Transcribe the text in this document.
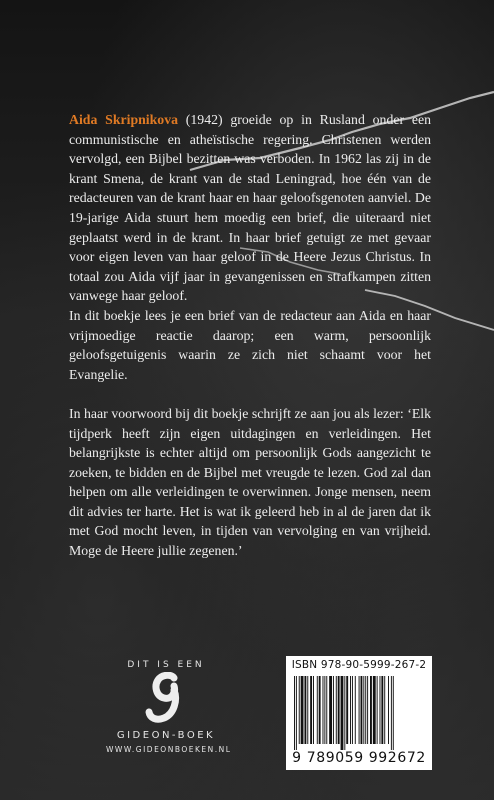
Aida Skripnikova (1942) groeide op in Rusland onder een communistische en atheïstische regering. Christenen werden vervolgd, een Bijbel bezitten was verboden. In 1962 las zij in de krant Smena, de krant van de stad Leningrad, hoe één van de redacteuren van de krant haar en haar geloofsgenoten aanviel. De 19-jarige Aida stuurt hem moedig een brief, die uiteraard niet geplaatst werd in de krant. In haar brief getuigt ze met gevaar voor eigen leven van haar geloof in de Heere Jezus Christus. In totaal zou Aida vijf jaar in gevangenissen en strafkampen zitten vanwege haar geloof.

In dit boekje lees je een brief van de redacteur aan Aida en haar vrijmoedige reactie daarop; een warm, persoonlijk geloofsgetuigenis waarin ze zich niet schaamt voor het Evangelie.

In haar voorwoord bij dit boekje schrijft ze aan jou als lezer: ‘Elk tijdperk heeft zijn eigen uitdagingen en verleidingen. Het belangrijkste is echter altijd om persoonlijk Gods aangezicht te zoeken, te bidden en de Bijbel met vreugde te lezen. God zal dan helpen om alle verleidingen te overwinnen. Jonge mensen, neem dit advies ter harte. Het is wat ik geleerd heb in al de jaren dat ik met God mocht leven, in tijden van vervolging en van vrijheid. Moge de Heere jullie zegenen.’

DIT IS EEN
GIDEON-BOEK
WWW.GIDEONBOEKEN.NL
ISBN 978-90-5999-267-2
9 789059 992672
